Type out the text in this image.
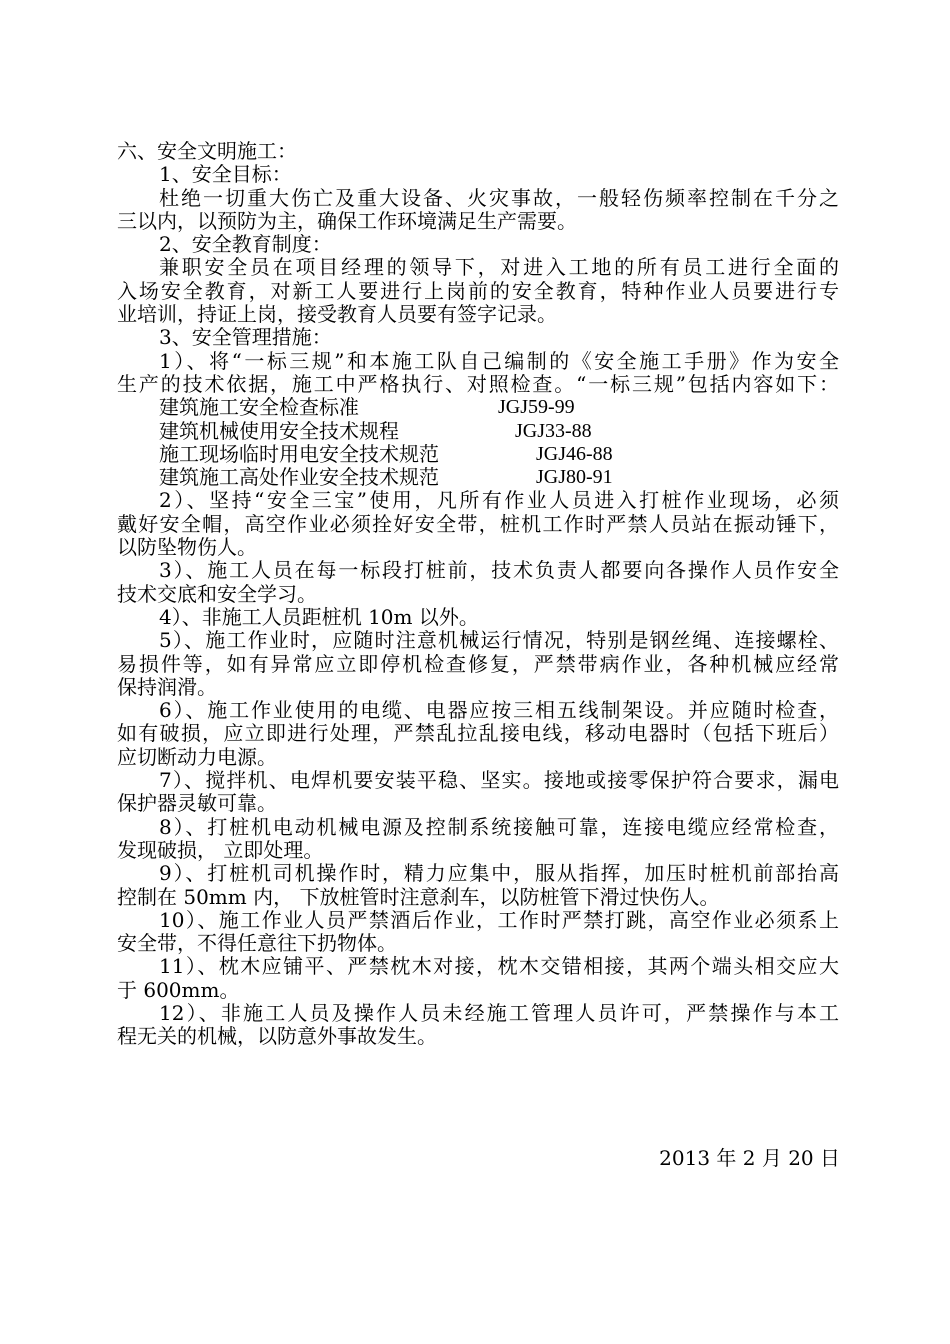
六、安全文明施工：
1、安全目标：
杜绝一切重大伤亡及重大设备、火灾事故，一般轻伤频率控制在千分之
三以内，以预防为主，确保工作环境满足生产需要。
2、安全教育制度：
兼职安全员在项目经理的领导下，对进入工地的所有员工进行全面的
入场安全教育，对新工人要进行上岗前的安全教育，特种作业人员要进行专
业培训，持证上岗，接受教育人员要有签字记录。
3、安全管理措施：
1）、将“一标三规”和本施工队自己编制的《安全施工手册》作为安全
生产的技术依据，施工中严格执行、对照检查。“一标三规”包括内容如下：
建筑施工安全检查标准	JGJ59-99
建筑机械使用安全技术规程	JGJ33-88
施工现场临时用电安全技术规范	JGJ46-88
建筑施工高处作业安全技术规范	JGJ80-91
2）、坚持“安全三宝”使用，凡所有作业人员进入打桩作业现场，必须
戴好安全帽，高空作业必须拴好安全带，桩机工作时严禁人员站在振动锤下，
以防坠物伤人。
3）、施工人员在每一标段打桩前，技术负责人都要向各操作人员作安全
技术交底和安全学习。
4）、非施工人员距桩机 10m 以外。
5）、施工作业时，应随时注意机械运行情况，特别是钢丝绳、连接螺栓、
易损件等，如有异常应立即停机检查修复，严禁带病作业，各种机械应经常
保持润滑。
6）、施工作业使用的电缆、电器应按三相五线制架设。并应随时检查，
如有破损，应立即进行处理，严禁乱拉乱接电线，移动电器时（包括下班后）
应切断动力电源。
7）、搅拌机、电焊机要安装平稳、坚实。接地或接零保护符合要求，漏电
保护器灵敏可靠。
8）、打桩机电动机械电源及控制系统接触可靠，连接电缆应经常检查，
发现破损， 立即处理。
9）、打桩机司机操作时，精力应集中，服从指挥，加压时桩机前部抬高
控制在 50mm 内， 下放桩管时注意刹车，以防桩管下滑过快伤人。
10）、施工作业人员严禁酒后作业，工作时严禁打跳，高空作业必须系上
安全带，不得任意往下扔物体。
11）、枕木应铺平、严禁枕木对接，枕木交错相接，其两个端头相交应大
于 600mm。
12）、非施工人员及操作人员未经施工管理人员许可，严禁操作与本工
程无关的机械，以防意外事故发生。
2013 年 2 月 20 日
